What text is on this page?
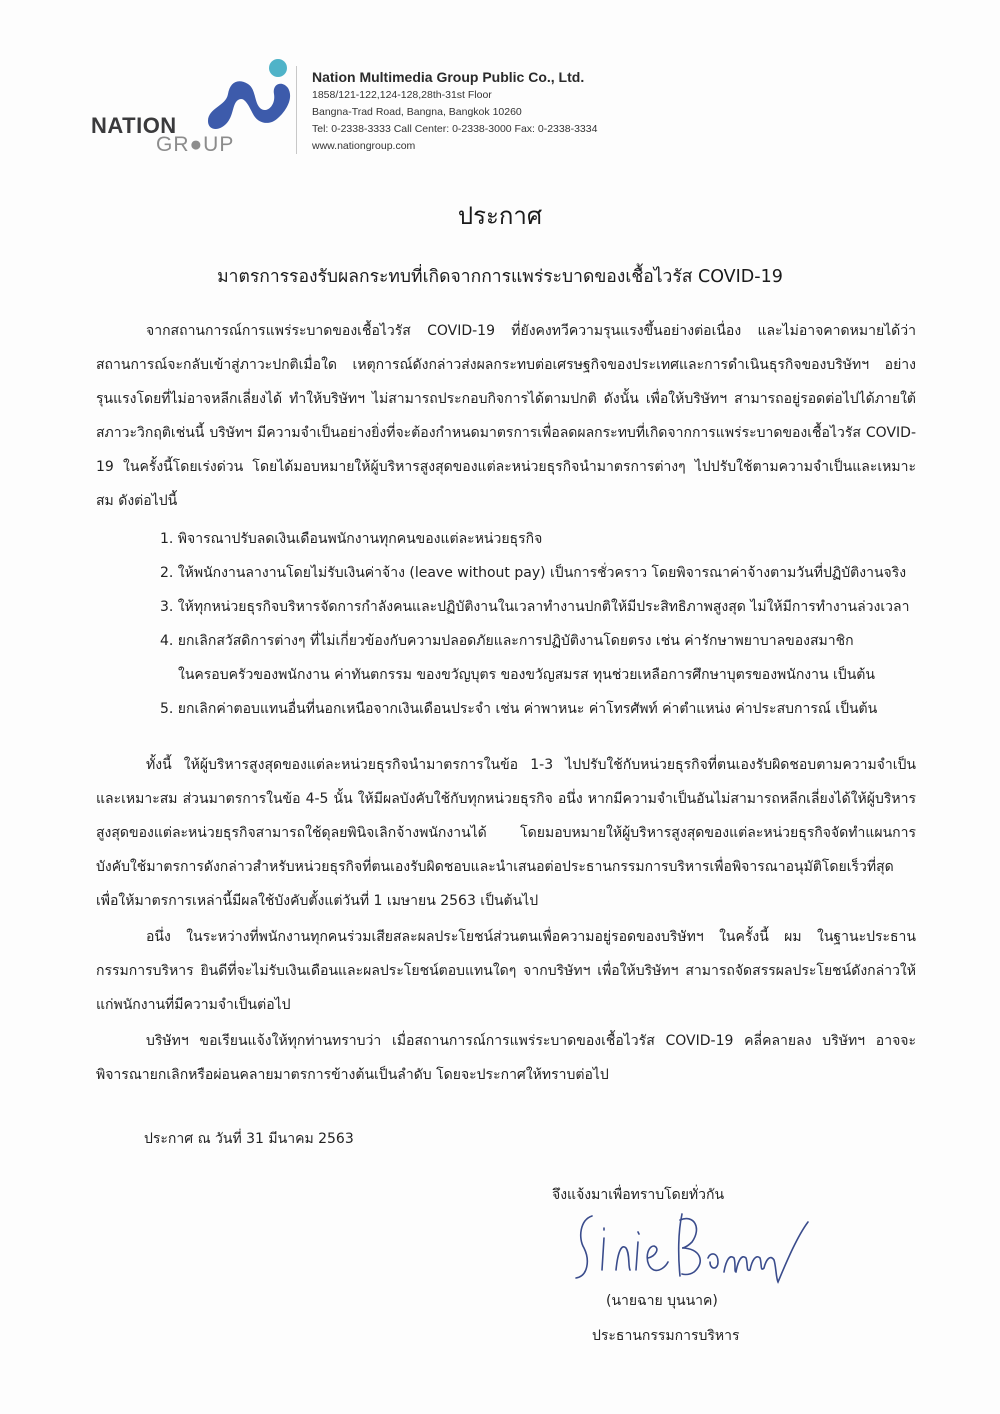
NATION
GR●UP
Nation Multimedia Group Public Co., Ltd.
1858/121-122,124-128,28th-31st Floor
Bangna-Trad Road, Bangna, Bangkok 10260
Tel: 0-2338-3333 Call Center: 0-2338-3000 Fax: 0-2338-3334
www.nationgroup.com
ประกาศ
มาตรการรองรับผลกระทบที่เกิดจากการแพร่ระบาดของเชื้อไวรัส COVID-19

จากสถานการณ์การแพร่ระบาดของเชื้อไวรัส COVID-19 ที่ยังคงทวีความรุนแรงขึ้นอย่างต่อเนื่อง และไม่อาจคาดหมายได้ว่าสถานการณ์จะกลับเข้าสู่ภาวะปกติเมื่อใด เหตุการณ์ดังกล่าวส่งผลกระทบต่อเศรษฐกิจของประเทศและการดำเนินธุรกิจของบริษัทฯ อย่างรุนแรงโดยที่ไม่อาจหลีกเลี่ยงได้ ทำให้บริษัทฯ ไม่สามารถประกอบกิจการได้ตามปกติ ดังนั้น เพื่อให้บริษัทฯ สามารถอยู่รอดต่อไปได้ภายใต้สภาวะวิกฤติเช่นนี้ บริษัทฯ มีความจำเป็นอย่างยิ่งที่จะต้องกำหนดมาตรการเพื่อลดผลกระทบที่เกิดจากการแพร่ระบาดของเชื้อไวรัส COVID-19 ในครั้งนี้โดยเร่งด่วน โดยได้มอบหมายให้ผู้บริหารสูงสุดของแต่ละหน่วยธุรกิจนำมาตรการต่างๆ ไปปรับใช้ตามความจำเป็นและเหมาะสม ดังต่อไปนี้

1. พิจารณาปรับลดเงินเดือนพนักงานทุกคนของแต่ละหน่วยธุรกิจ

2. ให้พนักงานลางานโดยไม่รับเงินค่าจ้าง (leave without pay) เป็นการชั่วคราว โดยพิจารณาค่าจ้างตามวันที่ปฏิบัติงานจริง

3. ให้ทุกหน่วยธุรกิจบริหารจัดการกำลังคนและปฏิบัติงานในเวลาทำงานปกติให้มีประสิทธิภาพสูงสุด ไม่ให้มีการทำงานล่วงเวลา

4. ยกเลิกสวัสดิการต่างๆ ที่ไม่เกี่ยวข้องกับความปลอดภัยและการปฏิบัติงานโดยตรง เช่น ค่ารักษาพยาบาลของสมาชิก
ในครอบครัวของพนักงาน ค่าทันตกรรม ของขวัญบุตร ของขวัญสมรส ทุนช่วยเหลือการศึกษาบุตรของพนักงาน เป็นต้น

5. ยกเลิกค่าตอบแทนอื่นที่นอกเหนือจากเงินเดือนประจำ เช่น ค่าพาหนะ ค่าโทรศัพท์ ค่าตำแหน่ง ค่าประสบการณ์ เป็นต้น

ทั้งนี้ ให้ผู้บริหารสูงสุดของแต่ละหน่วยธุรกิจนำมาตรการในข้อ 1-3 ไปปรับใช้กับหน่วยธุรกิจที่ตนเองรับผิดชอบตามความจำเป็นและเหมาะสม ส่วนมาตรการในข้อ 4-5 นั้น ให้มีผลบังคับใช้กับทุกหน่วยธุรกิจ อนึ่ง หากมีความจำเป็นอันไม่สามารถหลีกเลี่ยงได้ให้ผู้บริหารสูงสุดของแต่ละหน่วยธุรกิจสามารถใช้ดุลยพินิจเลิกจ้างพนักงานได้ โดยมอบหมายให้ผู้บริหารสูงสุดของแต่ละหน่วยธุรกิจจัดทำแผนการบังคับใช้มาตรการดังกล่าวสำหรับหน่วยธุรกิจที่ตนเองรับผิดชอบและนำเสนอต่อประธานกรรมการบริหารเพื่อพิจารณาอนุมัติโดยเร็วที่สุด เพื่อให้มาตรการเหล่านี้มีผลใช้บังคับตั้งแต่วันที่ 1 เมษายน 2563 เป็นต้นไป

อนึ่ง ในระหว่างที่พนักงานทุกคนร่วมเสียสละผลประโยชน์ส่วนตนเพื่อความอยู่รอดของบริษัทฯ ในครั้งนี้ ผม ในฐานะประธานกรรมการบริหาร ยินดีที่จะไม่รับเงินเดือนและผลประโยชน์ตอบแทนใดๆ จากบริษัทฯ เพื่อให้บริษัทฯ สามารถจัดสรรผลประโยชน์ดังกล่าวให้แก่พนักงานที่มีความจำเป็นต่อไป

บริษัทฯ ขอเรียนแจ้งให้ทุกท่านทราบว่า เมื่อสถานการณ์การแพร่ระบาดของเชื้อไวรัส COVID-19 คลี่คลายลง บริษัทฯ อาจจะพิจารณายกเลิกหรือผ่อนคลายมาตรการข้างต้นเป็นลำดับ โดยจะประกาศให้ทราบต่อไป

ประกาศ ณ วันที่ 31 มีนาคม 2563
จึงแจ้งมาเพื่อทราบโดยทั่วกัน
(นายฉาย บุนนาค)
ประธานกรรมการบริหาร
